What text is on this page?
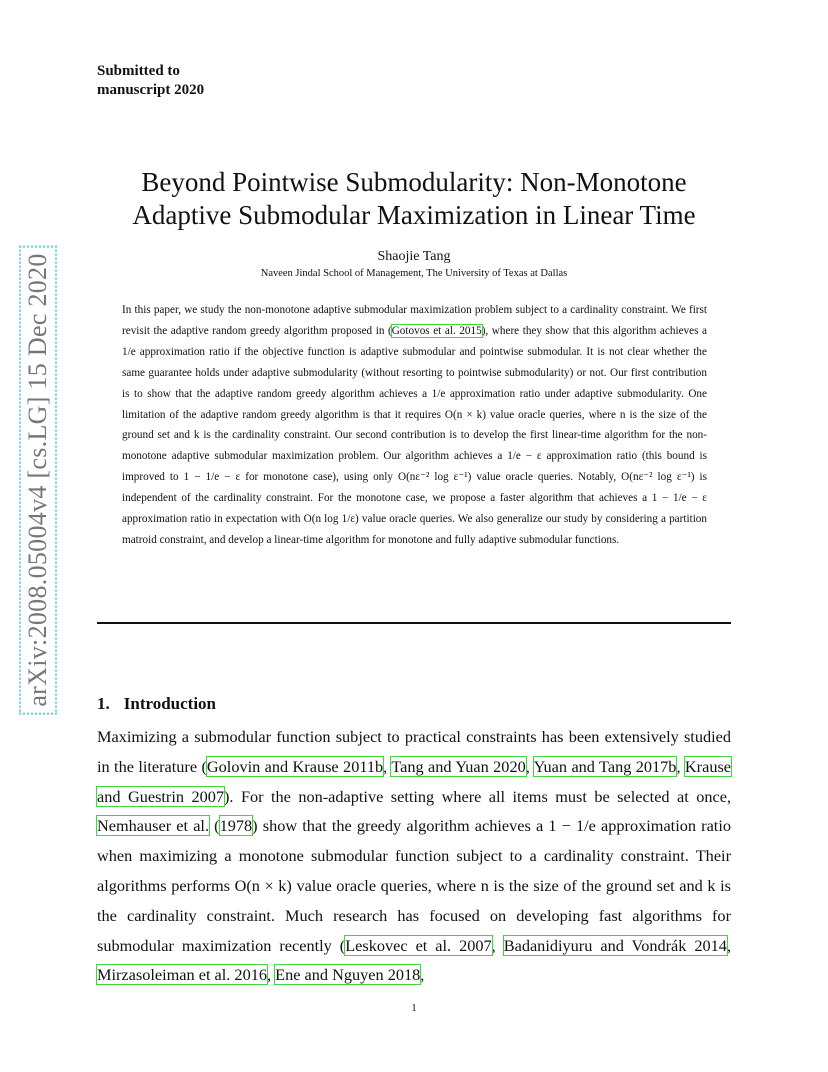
Submitted to
manuscript 2020
arXiv:2008.05004v4 [cs.LG] 15 Dec 2020
Beyond Pointwise Submodularity: Non-Monotone
Adaptive Submodular Maximization in Linear Time
Shaojie Tang
Naveen Jindal School of Management, The University of Texas at Dallas

In this paper, we study the non-monotone adaptive submodular maximization problem subject to a cardinality constraint. We first revisit the adaptive random greedy algorithm proposed in (Gotovos et al. 2015), where they show that this algorithm achieves a 1/e approximation ratio if the objective function is adaptive submodular and pointwise submodular. It is not clear whether the same guarantee holds under adaptive submodularity (without resorting to pointwise submodularity) or not. Our first contribution is to show that the adaptive random greedy algorithm achieves a 1/e approximation ratio under adaptive submodularity. One limitation of the adaptive random greedy algorithm is that it requires O(n × k) value oracle queries, where n is the size of the ground set and k is the cardinality constraint. Our second contribution is to develop the first linear-time algorithm for the non-monotone adaptive submodular maximization problem. Our algorithm achieves a 1/e − ε approximation ratio (this bound is improved to 1 − 1/e − ε for monotone case), using only O(nε⁻² log ε⁻¹) value oracle queries. Notably, O(nε⁻² log ε⁻¹) is independent of the cardinality constraint. For the monotone case, we propose a faster algorithm that achieves a 1 − 1/e − ε approximation ratio in expectation with O(n log 1/ε) value oracle queries. We also generalize our study by considering a partition matroid constraint, and develop a linear-time algorithm for monotone and fully adaptive submodular functions.

1. Introduction

Maximizing a submodular function subject to practical constraints has been extensively studied in the literature (Golovin and Krause 2011b, Tang and Yuan 2020, Yuan and Tang 2017b, Krause and Guestrin 2007). For the non-adaptive setting where all items must be selected at once, Nemhauser et al. (1978) show that the greedy algorithm achieves a 1 − 1/e approximation ratio when maximizing a monotone submodular function subject to a cardinality constraint. Their algorithms performs O(n × k) value oracle queries, where n is the size of the ground set and k is the cardinality constraint. Much research has focused on developing fast algorithms for submodular maximization recently (Leskovec et al. 2007, Badanidiyuru and Vondrák 2014, Mirzasoleiman et al. 2016, Ene and Nguyen 2018,

1
